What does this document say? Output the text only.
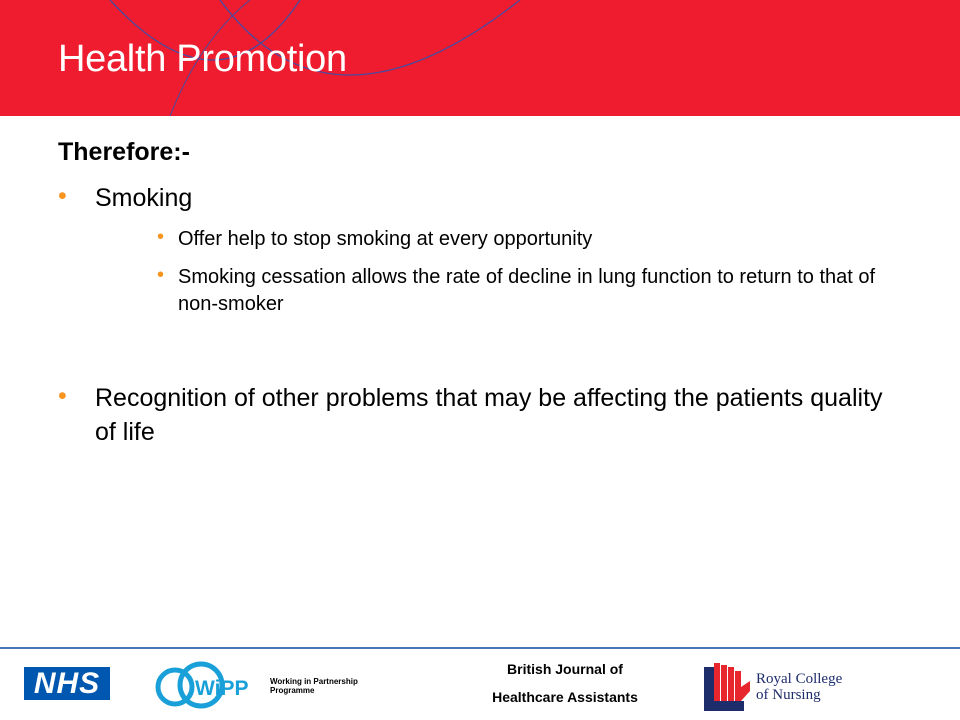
Health Promotion
Therefore:-
• Smoking
• Offer help to stop smoking at every opportunity
• Smoking cessation allows the rate of decline in lung function to return to that of non-smoker
• Recognition of other problems that may be affecting the patients quality of life
NHS	WiPP	Working in Partnership Programme
British Journal of
Healthcare Assistants
Royal College
of Nursing
